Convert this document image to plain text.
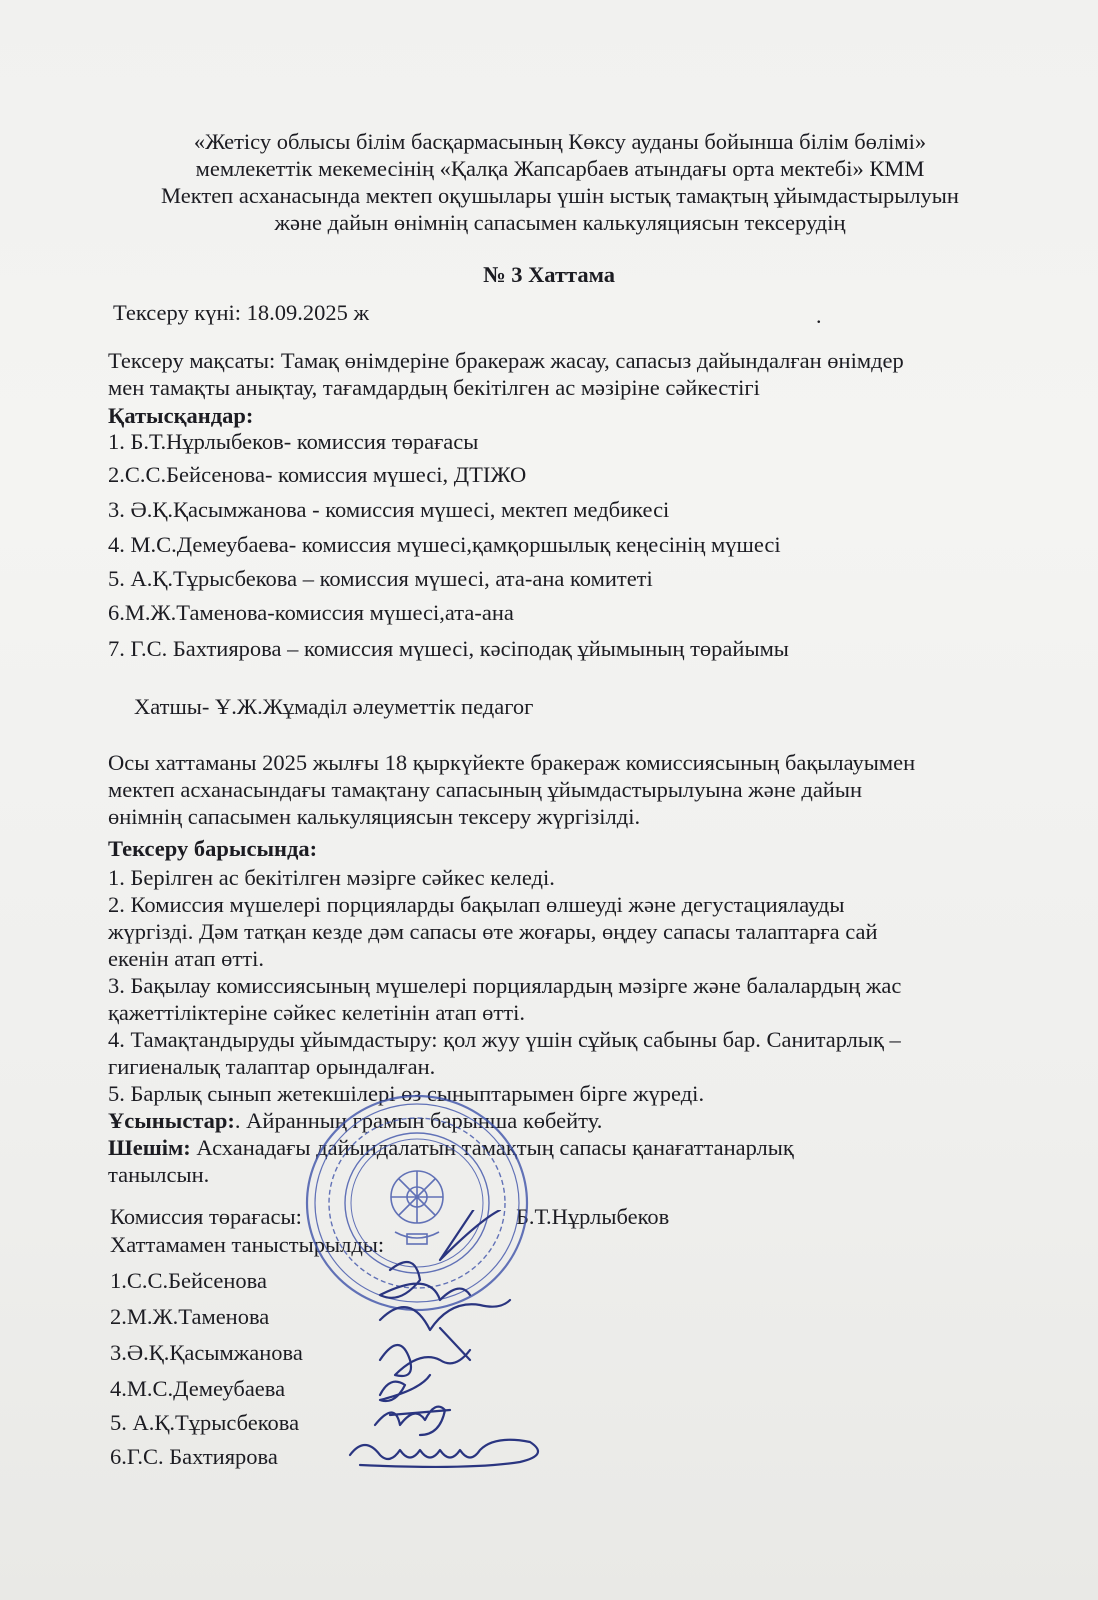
«Жетісу облысы білім басқармасының Көксу ауданы бойынша білім бөлімі»
мемлекеттік мекемесінің «Қалқа Жапсарбаев атындағы орта мектебі» КММ
Мектеп асханасында мектеп оқушылары үшін ыстық тамақтың ұйымдастырылуын
және дайын өнімнің сапасымен калькуляциясын тексерудің
№ 3 Хаттама
Тексеру күні: 18.09.2025 ж	.
Тексеру мақсаты: Тамақ өнімдеріне бракераж жасау, сапасыз дайындалған өнімдер
мен тамақты анықтау, тағамдардың бекітілген ас мәзіріне сәйкестігі
Қатысқандар:
1. Б.Т.Нұрлыбеков- комиссия төрағасы
2.С.С.Бейсенова- комиссия мүшесі, ДТІЖО
3. Ә.Қ.Қасымжанова - комиссия мүшесі, мектеп медбикесі
4. М.С.Демеубаева- комиссия мүшесі,қамқоршылық кеңесінің мүшесі
5. А.Қ.Тұрысбекова – комиссия мүшесі, ата-ана комитеті
6.М.Ж.Таменова-комиссия мүшесі,ата-ана
7. Г.С. Бахтиярова – комиссия мүшесі, кәсіподақ ұйымының төрайымы
Хатшы- Ұ.Ж.Жұмаділ әлеуметтік педагог
Осы хаттаманы 2025 жылғы 18 қыркүйекте бракераж комиссиясының бақылауымен
мектеп асханасындағы тамақтану сапасының ұйымдастырылуына және дайын
өнімнің сапасымен калькуляциясын тексеру жүргізілді.
Тексеру барысында:
1. Берілген ас бекітілген мәзірге сәйкес келеді.
2. Комиссия мүшелері порцияларды бақылап өлшеуді және дегустациялауды
жүргізді. Дәм татқан кезде дәм сапасы өте жоғары, өңдеу сапасы талаптарға сай
екенін атап өтті.
3. Бақылау комиссиясының мүшелері порциялардың мәзірге және балалардың жас
қажеттіліктеріне сәйкес келетінін атап өтті.
4. Тамақтандыруды ұйымдастыру: қол жуу үшін сұйық сабыны бар. Санитарлық –
гигиеналық талаптар орындалған.
5. Барлық сынып жетекшілері өз сыныптарымен бірге жүреді.
Ұсыныстар:. Айранның грамын барынша көбейту.
Шешім: Асханадағы дайындалатын тамақтың сапасы қанағаттанарлық
танылсын.
Комиссия төрағасы:	Б.Т.Нұрлыбеков
Хаттамамен таныстырылды:
1.С.С.Бейсенова
2.М.Ж.Таменова
3.Ә.Қ.Қасымжанова
4.М.С.Демеубаева
5. А.Қ.Тұрысбекова
6.Г.С. Бахтиярова
